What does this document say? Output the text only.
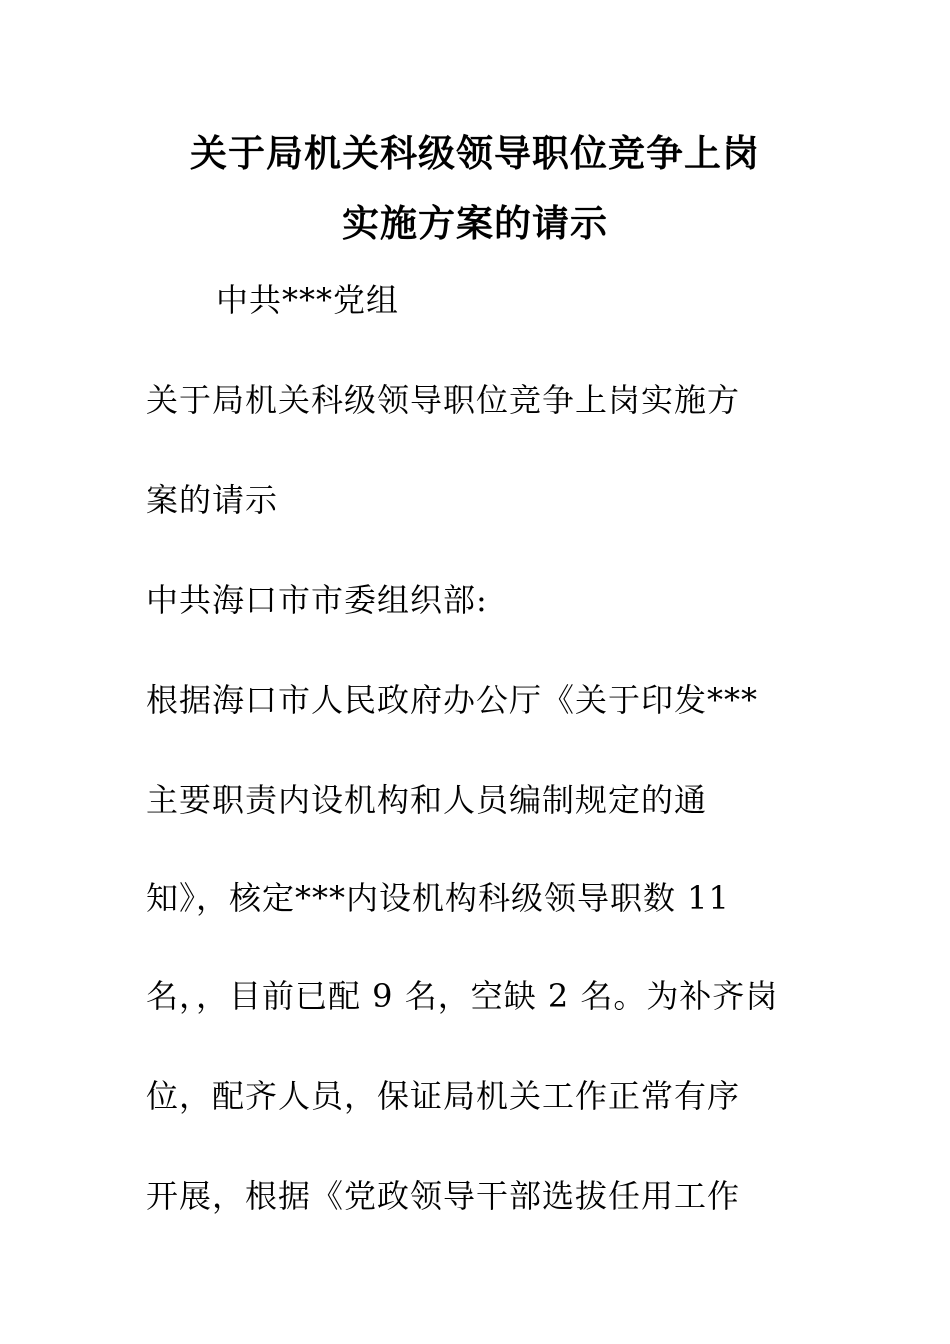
关于局机关科级领导职位竞争上岗
实施方案的请示
中共***党组
关于局机关科级领导职位竞争上岗实施方
案的请示
中共海口市市委组织部:
根据海口市人民政府办公厅《关于印发***
主要职责内设机构和人员编制规定的通
知》，核定***内设机构科级领导职数 11
名，，目前已配 9 名，空缺 2 名。为补齐岗
位，配齐人员，保证局机关工作正常有序
开展，根据《党政领导干部选拔任用工作
